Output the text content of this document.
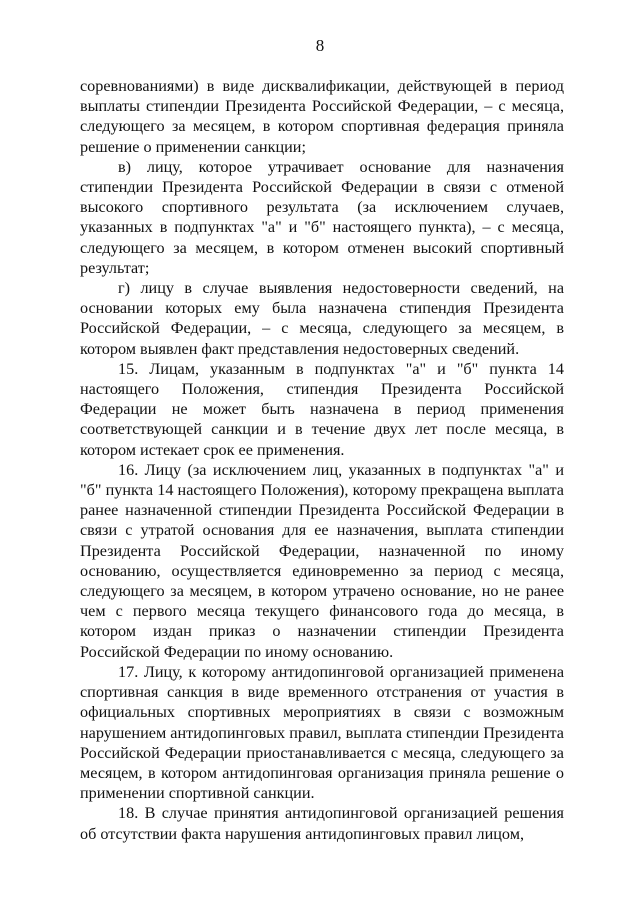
8

соревнованиями) в виде дисквалификации, действующей в период выплаты стипендии Президента Российской Федерации, – с месяца, следующего за месяцем, в котором спортивная федерация приняла решение о применении санкции;

в) лицу, которое утрачивает основание для назначения стипендии Президента Российской Федерации в связи с отменой высокого спортивного результата (за исключением случаев, указанных в подпунктах "а" и "б" настоящего пункта), – с месяца, следующего за месяцем, в котором отменен высокий спортивный результат;

г) лицу в случае выявления недостоверности сведений, на основании которых ему была назначена стипендия Президента Российской Федерации, – с месяца, следующего за месяцем, в котором выявлен факт представления недостоверных сведений.

15. Лицам, указанным в подпунктах "а" и "б" пункта 14 настоящего Положения, стипендия Президента Российской Федерации не может быть назначена в период применения соответствующей санкции и в течение двух лет после месяца, в котором истекает срок ее применения.

16. Лицу (за исключением лиц, указанных в подпунктах "а" и "б" пункта 14 настоящего Положения), которому прекращена выплата ранее назначенной стипендии Президента Российской Федерации в связи с утратой основания для ее назначения, выплата стипендии Президента Российской Федерации, назначенной по иному основанию, осуществляется единовременно за период с месяца, следующего за месяцем, в котором утрачено основание, но не ранее чем с первого месяца текущего финансового года до месяца, в котором издан приказ о назначении стипендии Президента Российской Федерации по иному основанию.

17. Лицу, к которому антидопинговой организацией применена спортивная санкция в виде временного отстранения от участия в официальных спортивных мероприятиях в связи с возможным нарушением антидопинговых правил, выплата стипендии Президента Российской Федерации приостанавливается с месяца, следующего за месяцем, в котором антидопинговая организация приняла решение о применении спортивной санкции.

18. В случае принятия антидопинговой организацией решения об отсутствии факта нарушения антидопинговых правил лицом,
